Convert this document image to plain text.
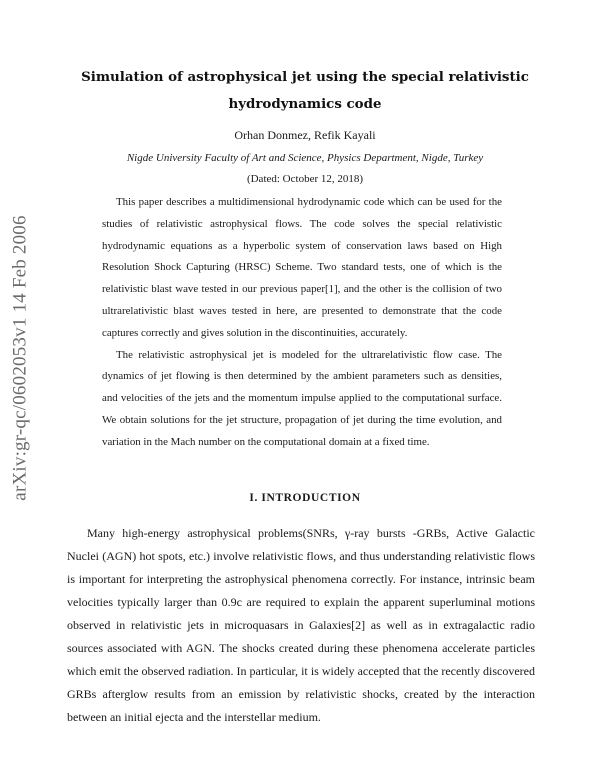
arXiv:gr-qc/0602053v1 14 Feb 2006
Simulation of astrophysical jet using the special relativistic hydrodynamics code
Orhan Donmez, Refik Kayali
Nigde University Faculty of Art and Science, Physics Department, Nigde, Turkey
(Dated: October 12, 2018)

This paper describes a multidimensional hydrodynamic code which can be used for the studies of relativistic astrophysical flows. The code solves the special relativistic hydrodynamic equations as a hyperbolic system of conservation laws based on High Resolution Shock Capturing (HRSC) Scheme. Two standard tests, one of which is the relativistic blast wave tested in our previous paper[1], and the other is the collision of two ultrarelativistic blast waves tested in here, are presented to demonstrate that the code captures correctly and gives solution in the discontinuities, accurately.

The relativistic astrophysical jet is modeled for the ultrarelativistic flow case. The dynamics of jet flowing is then determined by the ambient parameters such as densities, and velocities of the jets and the momentum impulse applied to the computational surface. We obtain solutions for the jet structure, propagation of jet during the time evolution, and variation in the Mach number on the computational domain at a fixed time.

I. INTRODUCTION

Many high-energy astrophysical problems(SNRs, γ-ray bursts -GRBs, Active Galactic Nuclei (AGN) hot spots, etc.) involve relativistic flows, and thus understanding relativistic flows is important for interpreting the astrophysical phenomena correctly. For instance, intrinsic beam velocities typically larger than 0.9c are required to explain the apparent superluminal motions observed in relativistic jets in microquasars in Galaxies[2] as well as in extragalactic radio sources associated with AGN. The shocks created during these phenomena accelerate particles which emit the observed radiation. In particular, it is widely accepted that the recently discovered GRBs afterglow results from an emission by relativistic shocks, created by the interaction between an initial ejecta and the interstellar medium.
